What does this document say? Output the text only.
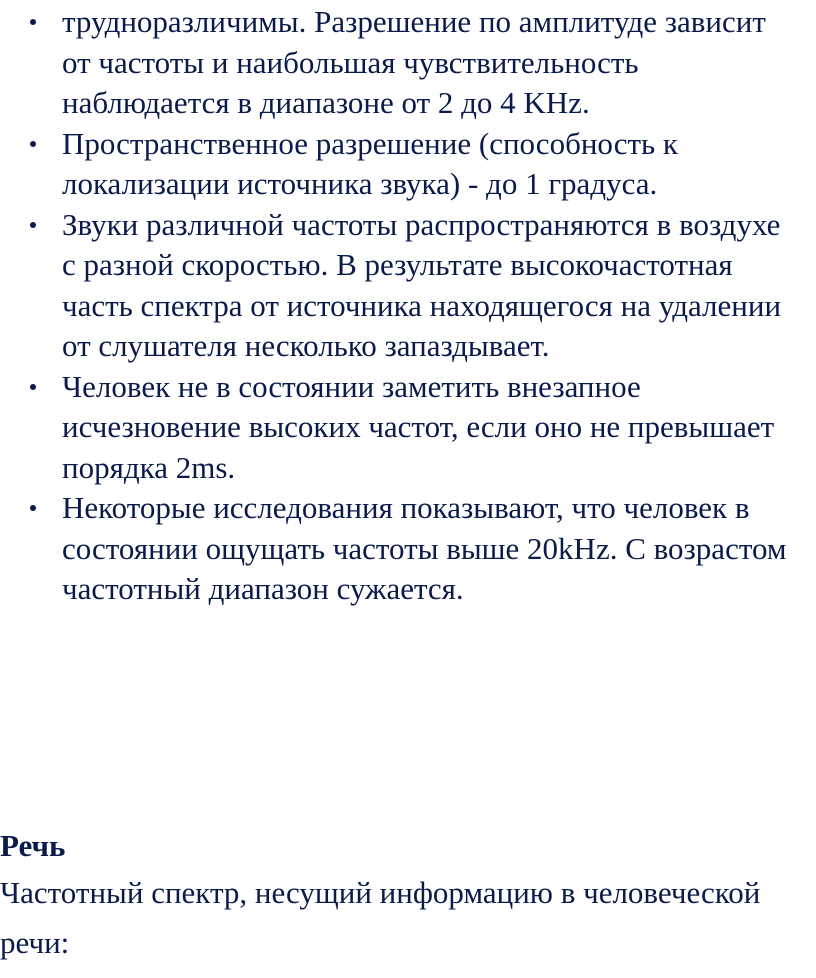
трудноразличимы. Разрешение по амплитуде зависит от частоты и наибольшая чувствительность наблюдается в диапазоне от 2 до 4 KHz.
Пространственное разрешение (способность к локализации источника звука) - до 1 градуса.
Звуки различной частоты распространяются в воздухе с разной скоростью. В результате высокочастотная часть спектра от источника находящегося на удалении от слушателя несколько запаздывает.
Человек не в состоянии заметить внезапное исчезновение высоких частот, если оно не превышает порядка 2ms.
Некоторые исследования показывают, что человек в состоянии ощущать частоты выше 20kHz. С возрастом частотный диапазон сужается.
Речь

Частотный спектр, несущий информацию в человеческой речи:
